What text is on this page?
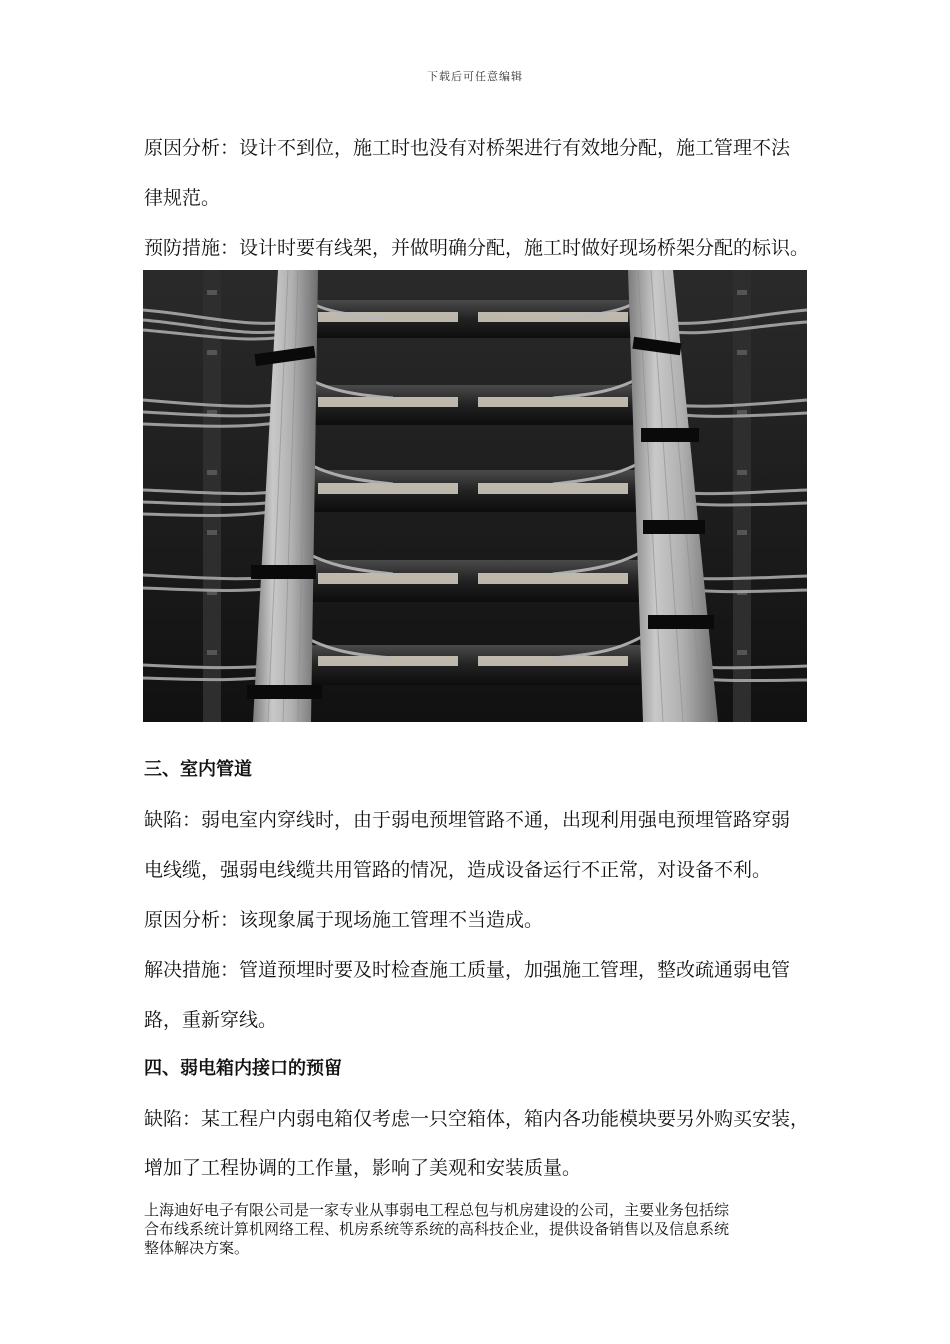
下载后可任意编辑
原因分析：设计不到位，施工时也没有对桥架进行有效地分配，施工管理不法
律规范。
预防措施：设计时要有线架，并做明确分配，施工时做好现场桥架分配的标识。
三、室内管道
缺陷：弱电室内穿线时，由于弱电预埋管路不通，出现利用强电预埋管路穿弱
电线缆，强弱电线缆共用管路的情况，造成设备运行不正常，对设备不利。
原因分析：该现象属于现场施工管理不当造成。
解决措施：管道预埋时要及时检查施工质量，加强施工管理，整改疏通弱电管
路，重新穿线。
四、弱电箱内接口的预留
缺陷：某工程户内弱电箱仅考虑一只空箱体，箱内各功能模块要另外购买安装，
增加了工程协调的工作量，影响了美观和安装质量。
上海迪好电子有限公司是一家专业从事弱电工程总包与机房建设的公司，主要业务包括综
合布线系统计算机网络工程、机房系统等系统的高科技企业，提供设备销售以及信息系统
整体解决方案。
